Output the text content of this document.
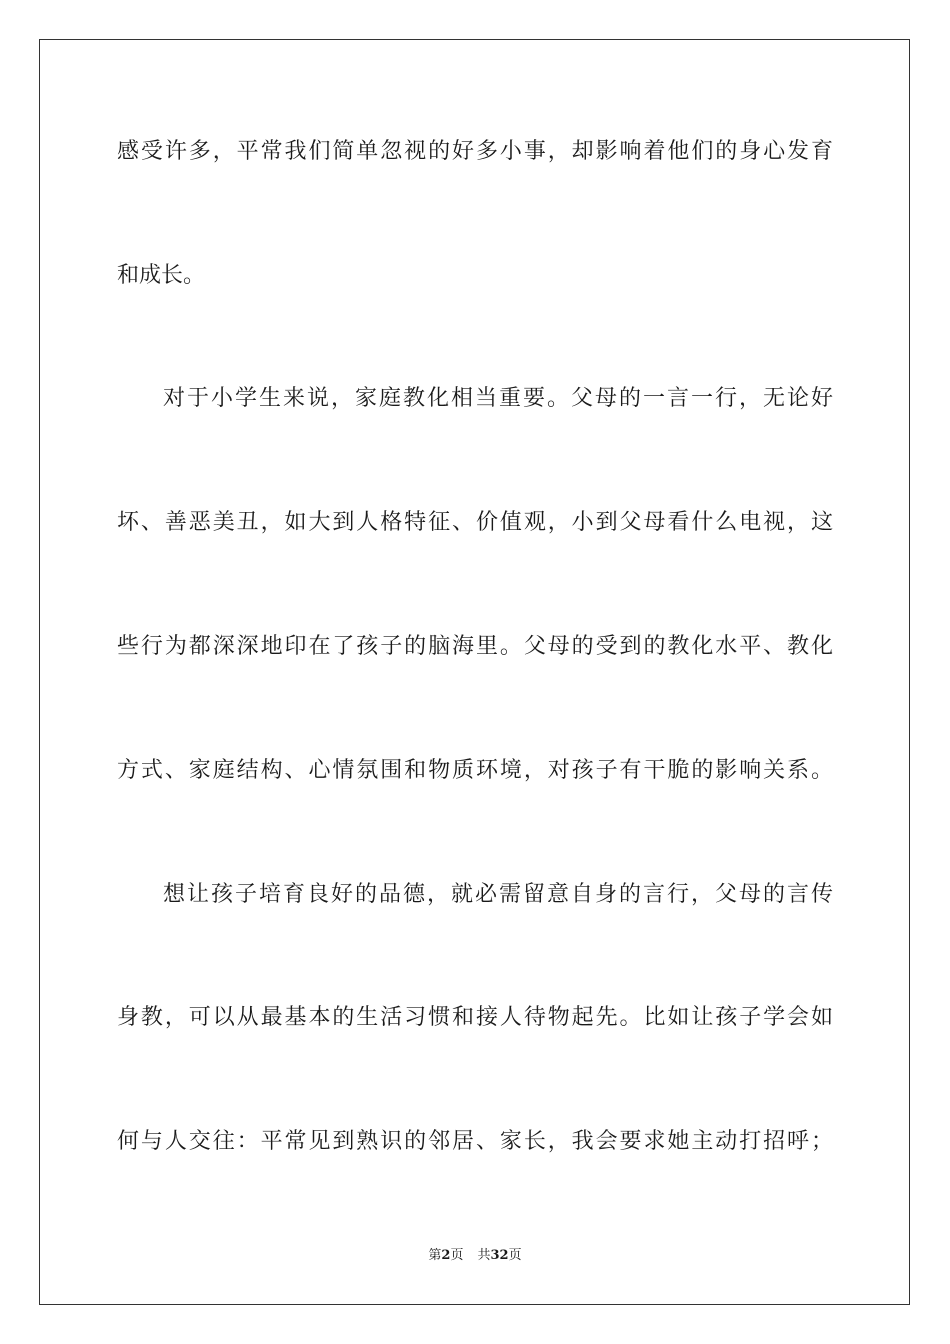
感受许多，平常我们简单忽视的好多小事，却影响着他们的身心发育
和成长。
对于小学生来说，家庭教化相当重要。父母的一言一行，无论好
坏、善恶美丑，如大到人格特征、价值观，小到父母看什么电视，这
些行为都深深地印在了孩子的脑海里。父母的受到的教化水平、教化
方式、家庭结构、心情氛围和物质环境，对孩子有干脆的影响关系。
想让孩子培育良好的品德，就必需留意自身的言行，父母的言传
身教，可以从最基本的生活习惯和接人待物起先。比如让孩子学会如
何与人交往：平常见到熟识的邻居、家长，我会要求她主动打招呼；
第2页 共32页
